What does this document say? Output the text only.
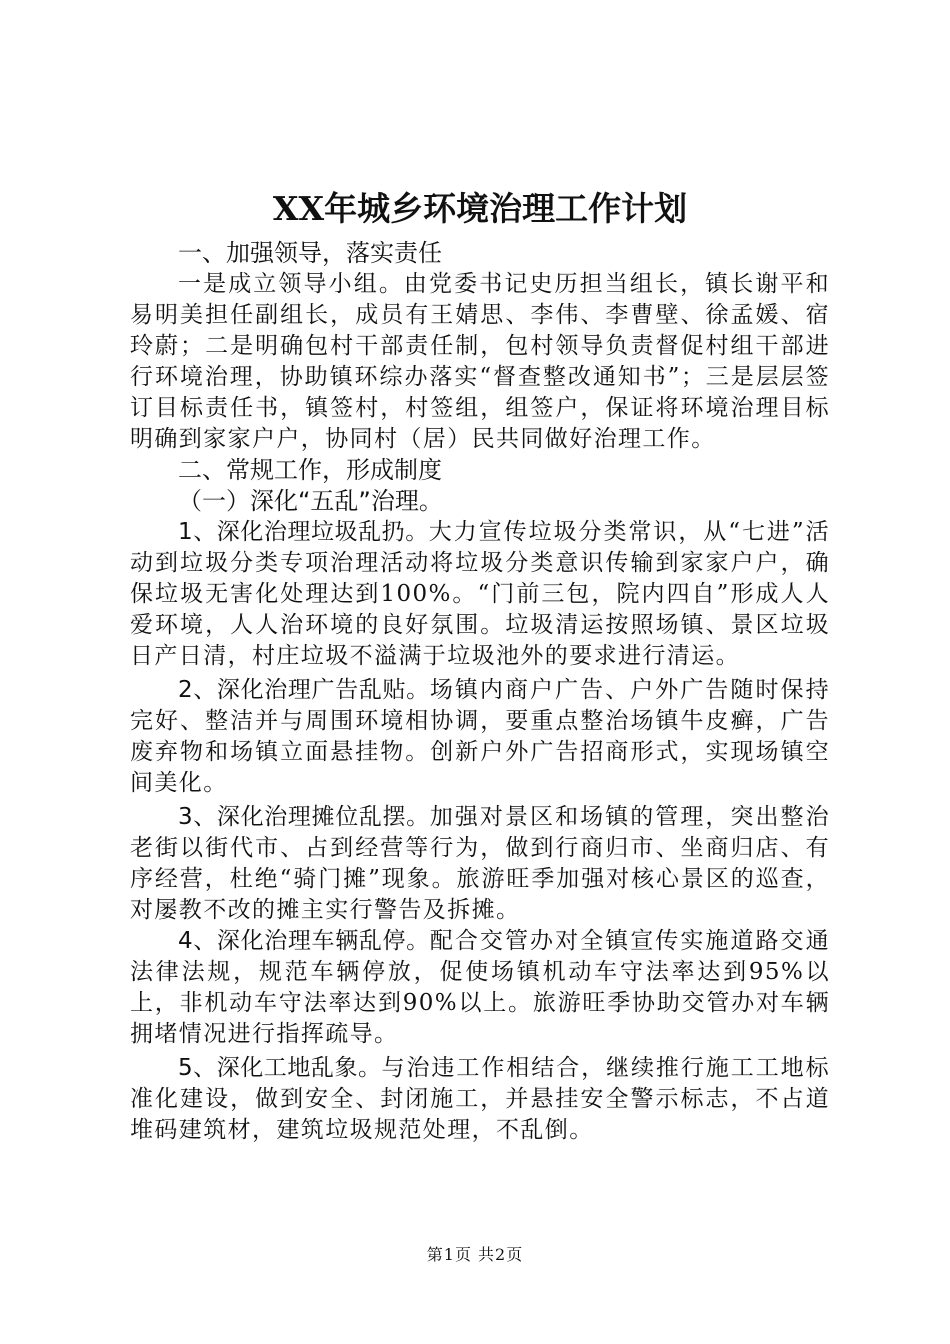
XX年城乡环境治理工作计划

一、加强领导，落实责任

一是成立领导小组。由党委书记史历担当组长，镇长谢平和易明美担任副组长，成员有王婧思、李伟、李曹壁、徐孟媛、宿玲蔚；二是明确包村干部责任制，包村领导负责督促村组干部进行环境治理，协助镇环综办落实“督查整改通知书”；三是层层签订目标责任书，镇签村，村签组，组签户，保证将环境治理目标明确到家家户户，协同村（居）民共同做好治理工作。

二、常规工作，形成制度

（一）深化“五乱”治理。

1、深化治理垃圾乱扔。大力宣传垃圾分类常识，从“七进”活动到垃圾分类专项治理活动将垃圾分类意识传输到家家户户，确保垃圾无害化处理达到100%。“门前三包，院内四自”形成人人爱环境，人人治环境的良好氛围。垃圾清运按照场镇、景区垃圾日产日清，村庄垃圾不溢满于垃圾池外的要求进行清运。

2、深化治理广告乱贴。场镇内商户广告、户外广告随时保持完好、整洁并与周围环境相协调，要重点整治场镇牛皮癣，广告废弃物和场镇立面悬挂物。创新户外广告招商形式，实现场镇空间美化。

3、深化治理摊位乱摆。加强对景区和场镇的管理，突出整治老街以街代市、占到经营等行为，做到行商归市、坐商归店、有序经营，杜绝“骑门摊”现象。旅游旺季加强对核心景区的巡查，对屡教不改的摊主实行警告及拆摊。

4、深化治理车辆乱停。配合交管办对全镇宣传实施道路交通法律法规，规范车辆停放，促使场镇机动车守法率达到95%以上，非机动车守法率达到90%以上。旅游旺季协助交管办对车辆拥堵情况进行指挥疏导。

5、深化工地乱象。与治违工作相结合，继续推行施工工地标准化建设，做到安全、封闭施工，并悬挂安全警示标志，不占道堆码建筑材，建筑垃圾规范处理，不乱倒。

第1页 共2页
